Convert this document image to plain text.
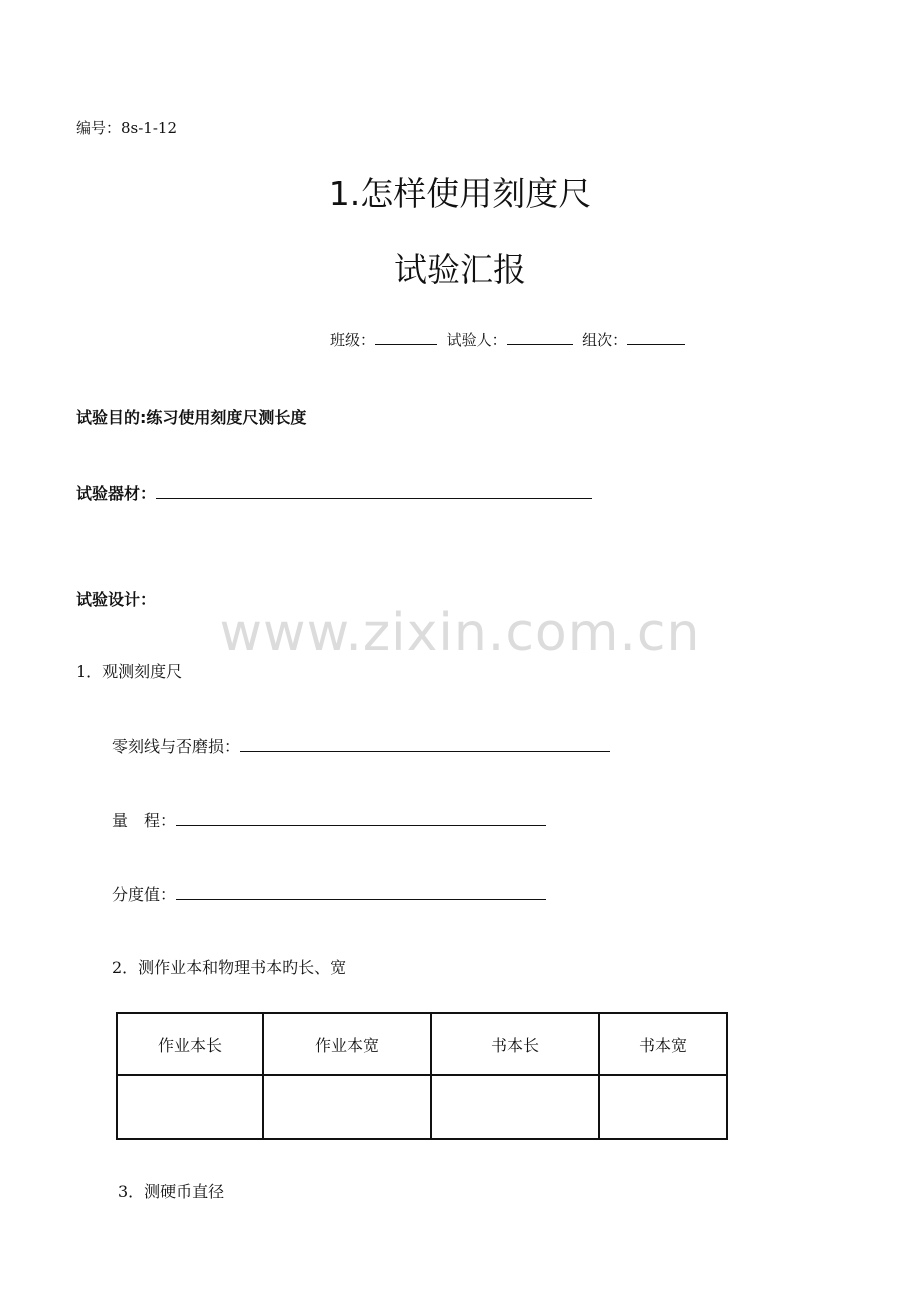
编号：8s-1-12
1.怎样使用刻度尺
试验汇报
班级：	试验人：	组次：
试验目的:练习使用刻度尺测长度
试验器材：
试验设计：
www.zixin.com.cn
1．观测刻度尺
零刻线与否磨损：
量　程：
分度值：
2．测作业本和物理书本旳长、宽
作业本长	作业本宽	书本长	书本宽

3．测硬币直径
